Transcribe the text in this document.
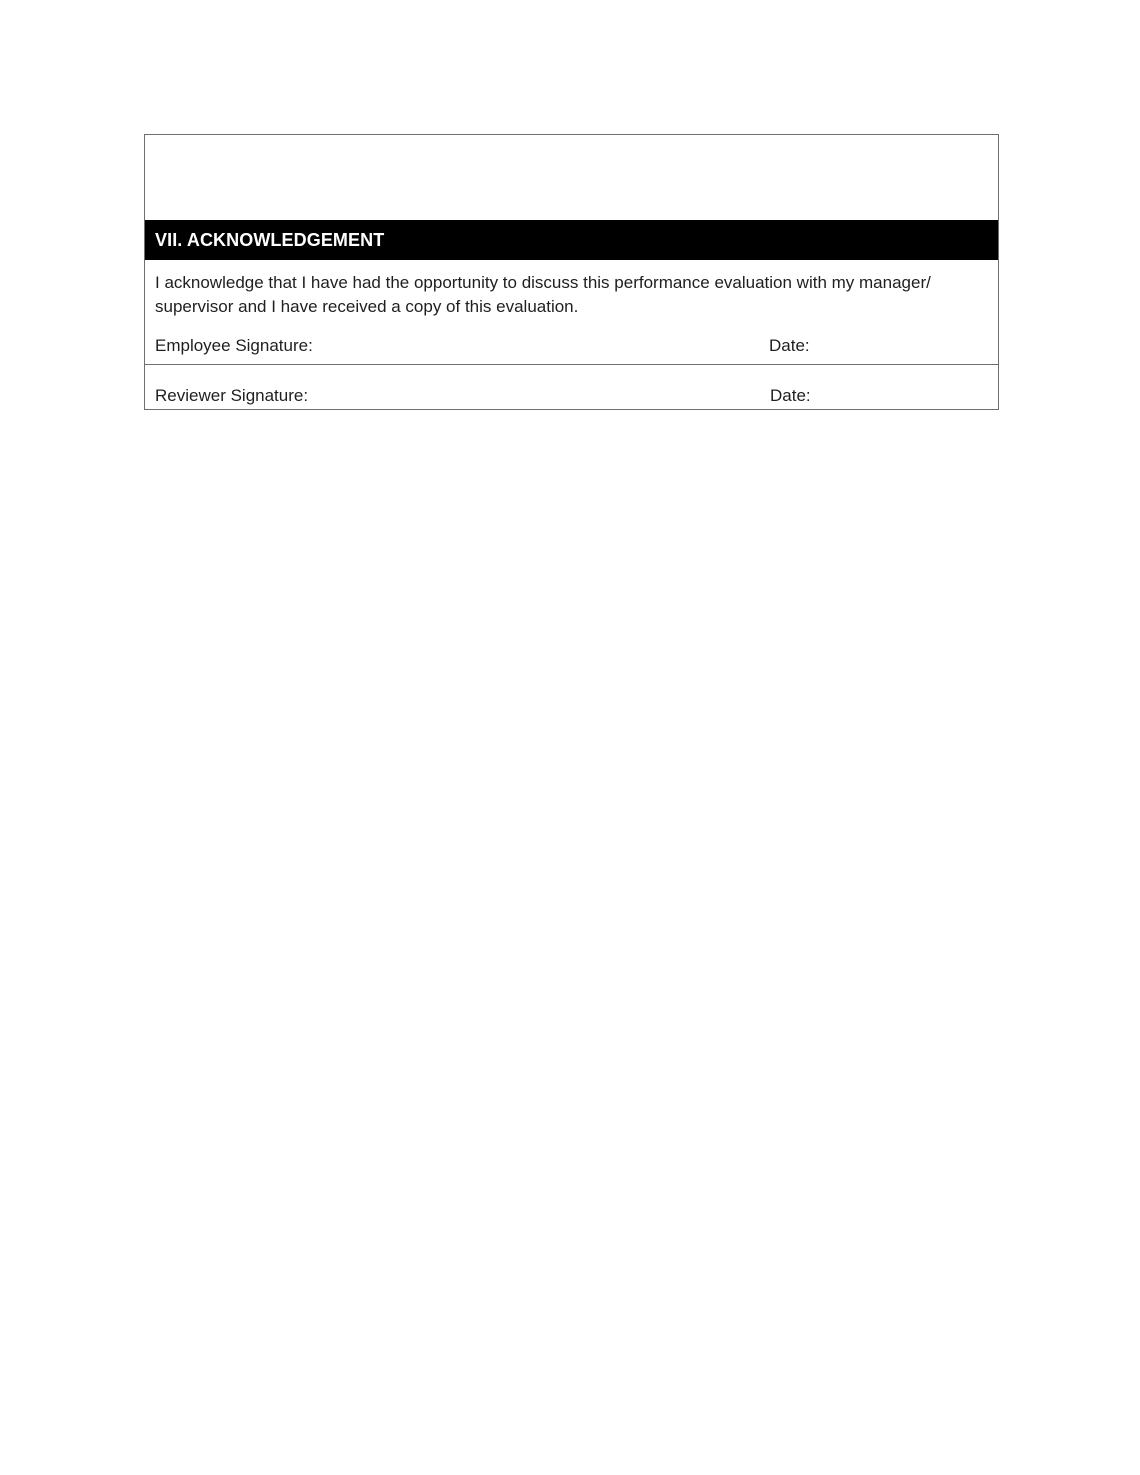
VII. ACKNOWLEDGEMENT
I acknowledge that I have had the opportunity to discuss this performance evaluation with my manager/ supervisor and I have received a copy of this evaluation.
Employee Signature:	Date:
Reviewer Signature:	Date:
